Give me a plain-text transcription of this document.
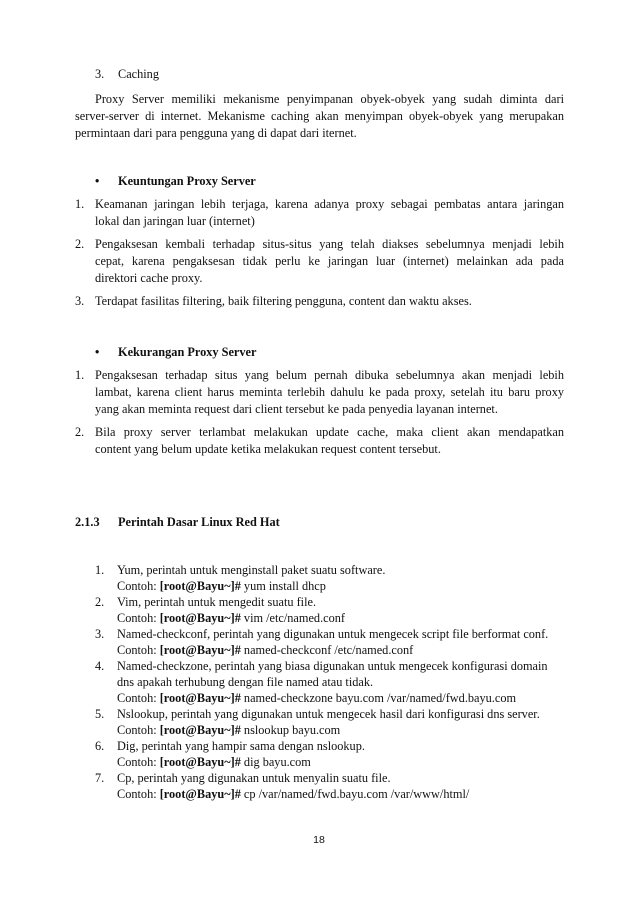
3. Caching
Proxy Server memiliki mekanisme penyimpanan obyek-obyek yang sudah diminta dari
server-server di internet. Mekanisme caching akan menyimpan obyek-obyek yang merupakan
permintaan dari para pengguna yang di dapat dari iternet.
• Keuntungan Proxy Server
1. Keamanan jaringan lebih terjaga, karena adanya proxy sebagai pembatas antara jaringan
lokal dan jaringan luar (internet)
2. Pengaksesan kembali terhadap situs-situs yang telah diakses sebelumnya menjadi lebih
cepat, karena pengaksesan tidak perlu ke jaringan luar (internet) melainkan ada pada
direktori cache proxy.
3. Terdapat fasilitas filtering, baik filtering pengguna, content dan waktu akses.
• Kekurangan Proxy Server
1. Pengaksesan terhadap situs yang belum pernah dibuka sebelumnya akan menjadi lebih
lambat, karena client harus meminta terlebih dahulu ke pada proxy, setelah itu baru proxy
yang akan meminta request dari client tersebut ke pada penyedia layanan internet.
2. Bila proxy server terlambat melakukan update cache, maka client akan mendapatkan
content yang belum update ketika melakukan request content tersebut.
2.1.3 Perintah Dasar Linux Red Hat
1. Yum, perintah untuk menginstall paket suatu software.
Contoh: [root@Bayu~]# yum install dhcp
2. Vim, perintah untuk mengedit suatu file.
Contoh: [root@Bayu~]# vim /etc/named.conf
3. Named-checkconf, perintah yang digunakan untuk mengecek script file berformat conf.
Contoh: [root@Bayu~]# named-checkconf /etc/named.conf
4. Named-checkzone, perintah yang biasa digunakan untuk mengecek konfigurasi domain
dns apakah terhubung dengan file named atau tidak.
Contoh: [root@Bayu~]# named-checkzone bayu.com /var/named/fwd.bayu.com
5. Nslookup, perintah yang digunakan untuk mengecek hasil dari konfigurasi dns server.
Contoh: [root@Bayu~]# nslookup bayu.com
6. Dig, perintah yang hampir sama dengan nslookup.
Contoh: [root@Bayu~]# dig bayu.com
7. Cp, perintah yang digunakan untuk menyalin suatu file.
Contoh: [root@Bayu~]# cp /var/named/fwd.bayu.com /var/www/html/
18
